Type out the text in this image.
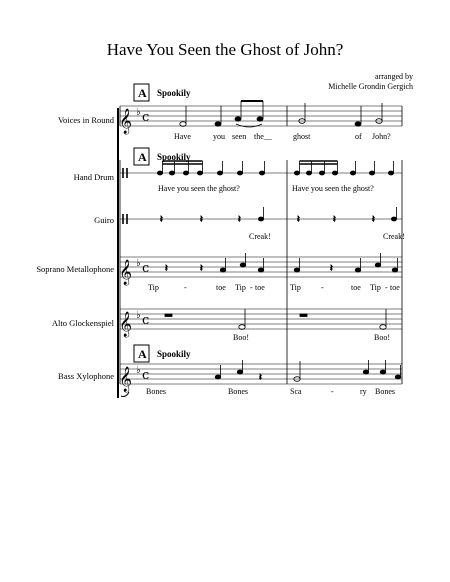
Have You Seen the Ghost of John?
arranged by
Michelle Grondin Gergich
Voices in Round
Hand Drum
Guiro
Soprano Metallophone
Alto Glockenspiel
Bass Xylophone
𝄞
𝄞
𝄞
𝄞
♭
♭
♭
♭
c
c
c
c
𝄽	𝄽	𝄽	𝄽	𝄽	𝄽
𝄽	𝄽	𝄽
𝄽
A
A
A
Spookily
Spookily
Spookily
Have	you seen the__	ghost	of John?
Have you seen the ghost?	Have you seen the ghost?
Creak!	Creak!
Tip	-	toe Tip - toe	Tip	-	toe Tip - toe
Boo!	Boo!
Bones	Bones	Sca	-	ry Bones
